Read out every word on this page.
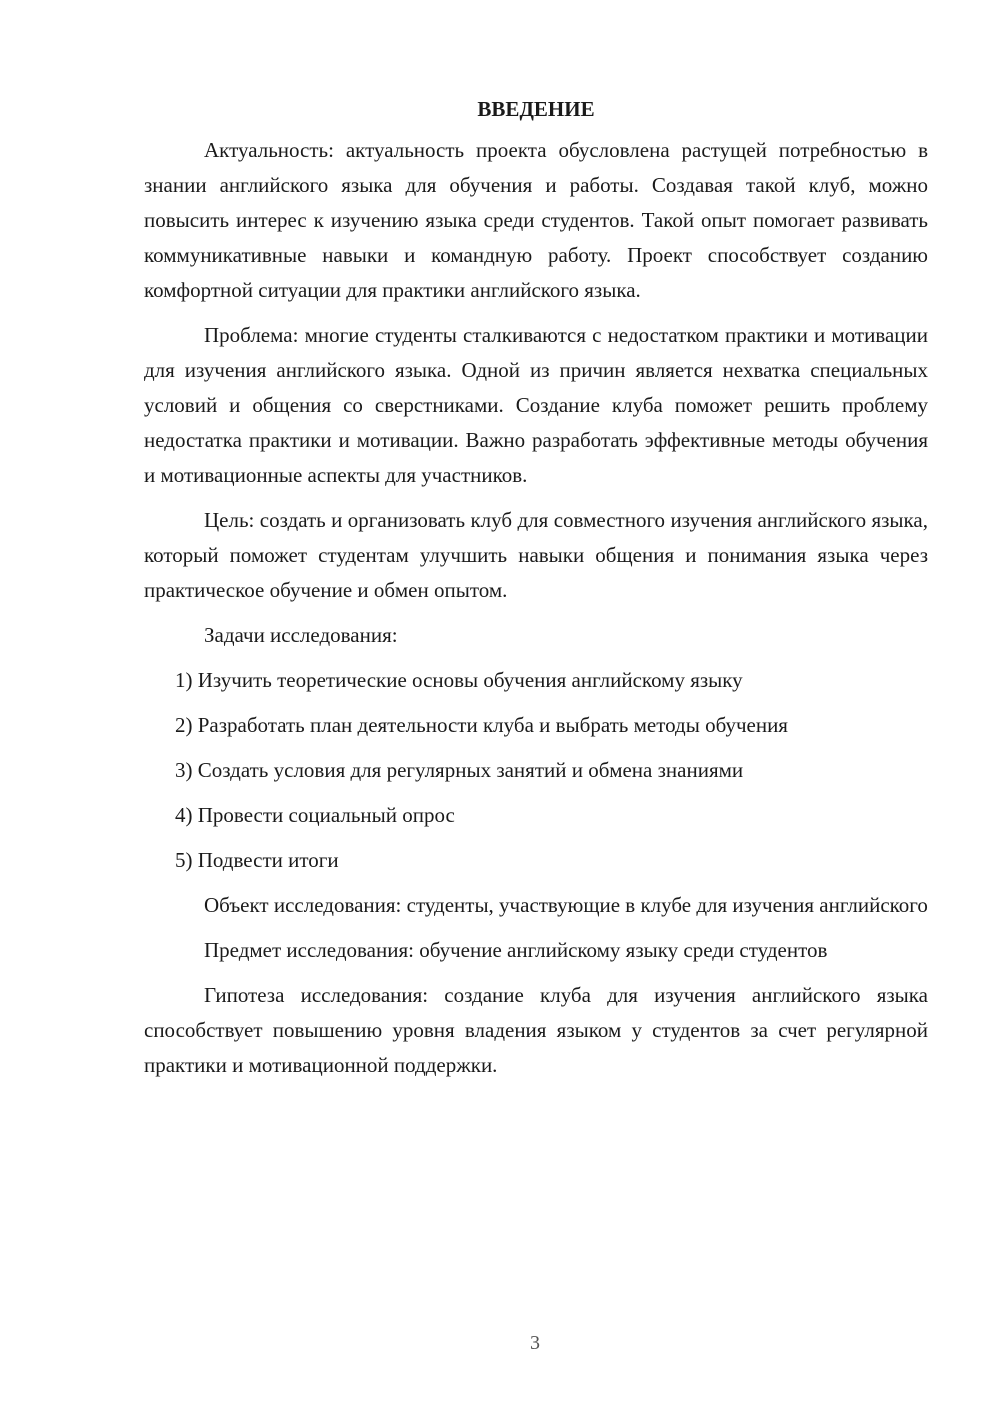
ВВЕДЕНИЕ

Актуальность: актуальность проекта обусловлена растущей потребностью в знании английского языка для обучения и работы. Создавая такой клуб, можно повысить интерес к изучению языка среди студентов. Такой опыт помогает развивать коммуникативные навыки и командную работу. Проект способствует созданию комфортной ситуации для практики английского языка.

Проблема: многие студенты сталкиваются с недостатком практики и мотивации для изучения английского языка. Одной из причин является нехватка специальных условий и общения со сверстниками. Создание клуба поможет решить проблему недостатка практики и мотивации. Важно разработать эффективные методы обучения и мотивационные аспекты для участников.

Цель: создать и организовать клуб для совместного изучения английского языка, который поможет студентам улучшить навыки общения и понимания языка через практическое обучение и обмен опытом.

Задачи исследования:

1) Изучить теоретические основы обучения английскому языку
2) Разработать план деятельности клуба и выбрать методы обучения
3) Создать условия для регулярных занятий и обмена знаниями
4) Провести социальный опрос
5) Подвести итоги

Объект исследования: студенты, участвующие в клубе для изучения английского

Предмет исследования: обучение английскому языку среди студентов

Гипотеза исследования: создание клуба для изучения английского языка способствует повышению уровня владения языком у студентов за счет регулярной практики и мотивационной поддержки.

3
